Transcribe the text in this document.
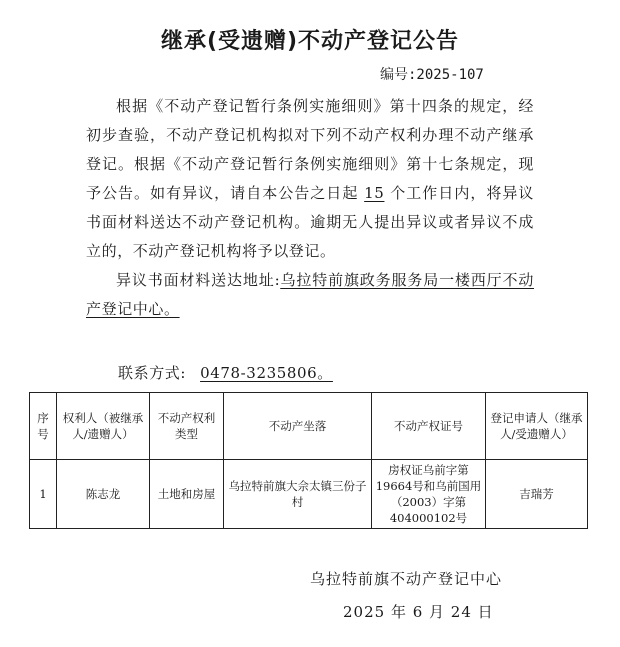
继承(受遗赠)不动产登记公告
编号:2025-107

根据《不动产登记暂行条例实施细则》第十四条的规定，经初步查验，不动产登记机构拟对下列不动产权利办理不动产继承登记。根据《不动产登记暂行条例实施细则》第十七条规定，现予公告。如有异议，请自本公告之日起 15 个工作日内，将异议书面材料送达不动产登记机构。逾期无人提出异议或者异议不成立的，不动产登记机构将予以登记。

异议书面材料送达地址:乌拉特前旗政务服务局一楼西厅不动产登记中心。

联系方式: 0478-3235806。
序号	权利人（被继承人/遗赠人）	不动产权利类型	不动产坐落	不动产权证号	登记申请人（继承人/受遗赠人）
1	陈志龙	土地和房屋	乌拉特前旗大佘太镇三份子村	房权证乌前字第19664号和乌前国用（2003）字第404000102号	吉瑞芳
乌拉特前旗不动产登记中心
2025 年 6 月 24 日
